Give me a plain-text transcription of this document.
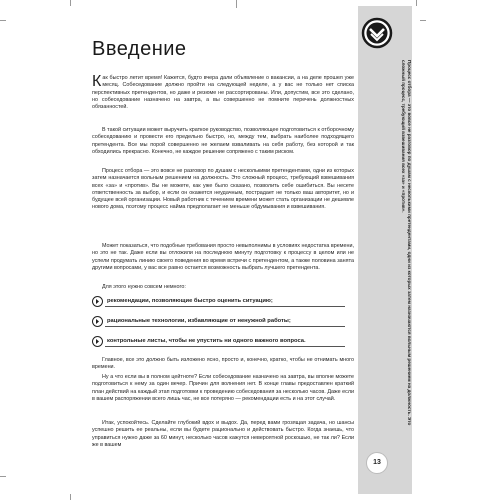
Процесс отбора — это вовсе не разговор по душам с несколькими претендентами, одни из которых затем назначаются вольным решением на должность. Это сложный процесс, требующий взвешивания всех «за» и «против».
13
Введение
К ак быстро летит время! Кажется, будто вчера дали объявление о вакансии, а на деле прошел уже месяц. Собеседование должно пройти на следующей неделе, а у вас не только нет списка перспективных претендентов, но даже и резюме не рассортированы. Или, допустим, все это сделано, но собеседование назначено на завтра, а вы совершенно не помните перечень должностных обязанностей.
В такой ситуации может выручить краткое руководство, позволяющее подготовиться к отборочному собеседованию и провести его предельно быстро, но, между тем, выбрать наиболее подходящего претендента. Все мы порой совершенно не желаем взваливать на себя работу, без которой и так обходились прекрасно. Конечно, не каждое решение сопряжено с таким риском.
Процесс отбора — это вовсе не разговор по душам с несколькими претендентами, одни из которых затем назначается вольным решением на должность. Это сложный процесс, требующий взвешивания всех «за» и «против». Вы не можете, как уже было сказано, позволить себе ошибиться. Вы несете ответственность за выбор, и если он окажется неудачным, пострадает не только ваш авторитет, но и будущее всей организации. Новый работник с течением времени может стать организации не дешевле нового дома, поэтому процесс найма предполагает не меньше обдумывания и взвешивания.
Может показаться, что подобные требования просто невыполнимы в условиях недостатка времени, но это не так. Даже если вы отложили на последнюю минуту подготовку к процессу в целом или не успели продумать линию своего поведения во время встречи с претендентом, а также половина занята другими вопросами, у вас все равно остается возможность выбрать лучшего претендента.
Для этого нужно совсем немного:
рекомендации, позволяющие быстро оценить ситуацию;
рациональные технологии, избавляющие от ненужной работы;
контрольные листы, чтобы не упустить ни одного важного вопроса.
Главное, все это должно быть изложено ясно, просто и, конечно, кратко, чтобы не отнимать много времени.
Ну а что если вы в полном цейтноте? Если собеседование назначено на завтра, вы вполне можете подготовиться к нему за один вечер. Причин для волнения нет. В конце главы предоставлен краткий план действий на каждый этап подготовки к проведению собеседования за несколько часов. Даже если в вашем распоряжении всего лишь час, не все потеряно — рекомендации есть и на этот случай.
Итак, успокойтесь. Сделайте глубокий вдох и выдох. Да, перед вами грозящая задача, но шансы успешно решить ее реальны, если вы будете рационально и действовать быстро. Когда знаешь, что управиться нужно даже за 60 минут, несколько часов кажутся невероятной роскошью, не так ли? Если же в вашем
